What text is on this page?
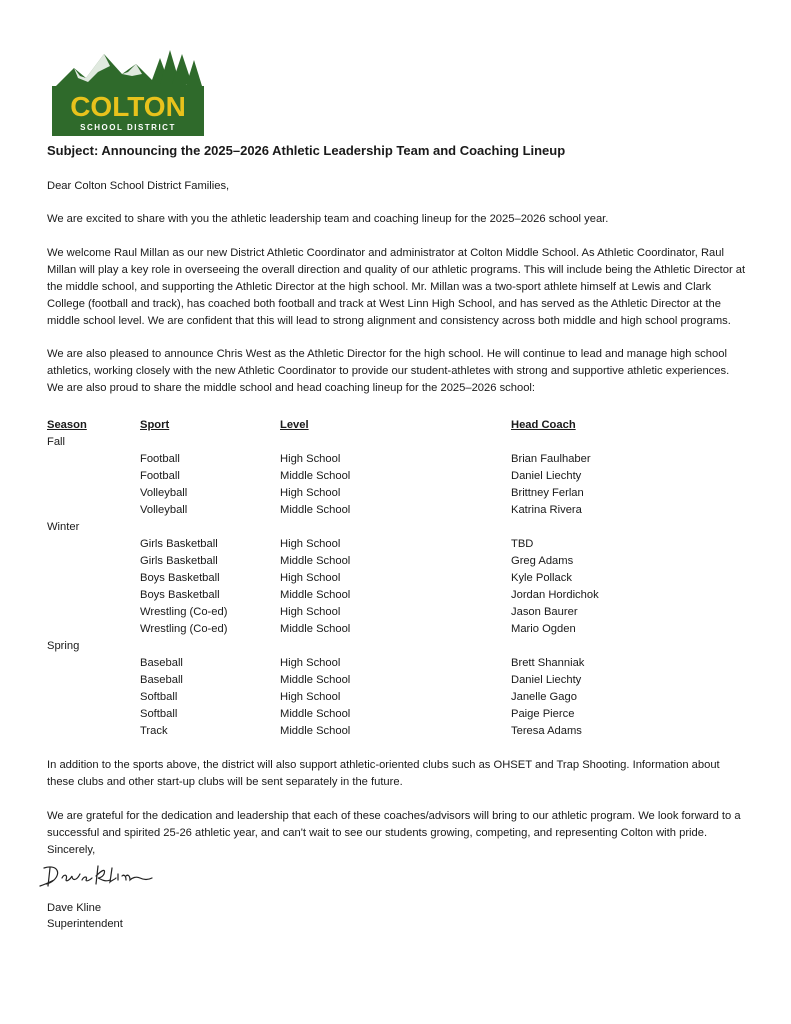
COLTON
SCHOOL DISTRICT
Subject: Announcing the 2025–2026 Athletic Leadership Team and Coaching Lineup

Dear Colton School District Families,

We are excited to share with you the athletic leadership team and coaching lineup for the 2025–2026 school year.

We welcome Raul Millan as our new District Athletic Coordinator and administrator at Colton Middle School. As Athletic Coordinator, Raul Millan will play a key role in overseeing the overall direction and quality of our athletic programs. This will include being the Athletic Director at the middle school, and supporting the Athletic Director at the high school. Mr. Millan was a two-sport athlete himself at Lewis and Clark College (football and track), has coached both football and track at West Linn High School, and has served as the Athletic Director at the middle school level. We are confident that this will lead to strong alignment and consistency across both middle and high school programs.

We are also pleased to announce Chris West as the Athletic Director for the high school. He will continue to lead and manage high school athletics, working closely with the new Athletic Coordinator to provide our student-athletes with strong and supportive athletic experiences. We are also proud to share the middle school and head coaching lineup for the 2025–2026 school:

Season	Sport	Level	Head Coach
Fall			
	Football	High School	Brian Faulhaber
	Football	Middle School	Daniel Liechty
	Volleyball	High School	Brittney Ferlan
	Volleyball	Middle School	Katrina Rivera
Winter			
	Girls Basketball	High School	TBD
	Girls Basketball	Middle School	Greg Adams
	Boys Basketball	High School	Kyle Pollack
	Boys Basketball	Middle School	Jordan Hordichok
	Wrestling (Co-ed)	High School	Jason Baurer
	Wrestling (Co-ed)	Middle School	Mario Ogden
Spring			
	Baseball	High School	Brett Shanniak
	Baseball	Middle School	Daniel Liechty
	Softball	High School	Janelle Gago
	Softball	Middle School	Paige Pierce
	Track	Middle School	Teresa Adams

In addition to the sports above, the district will also support athletic-oriented clubs such as OHSET and Trap Shooting. Information about these clubs and other start-up clubs will be sent separately in the future.

We are grateful for the dedication and leadership that each of these coaches/advisors will bring to our athletic program. We look forward to a successful and spirited 25-26 athletic year, and can't wait to see our students growing, competing, and representing Colton with pride.

Sincerely,

Dave Kline
Superintendent
